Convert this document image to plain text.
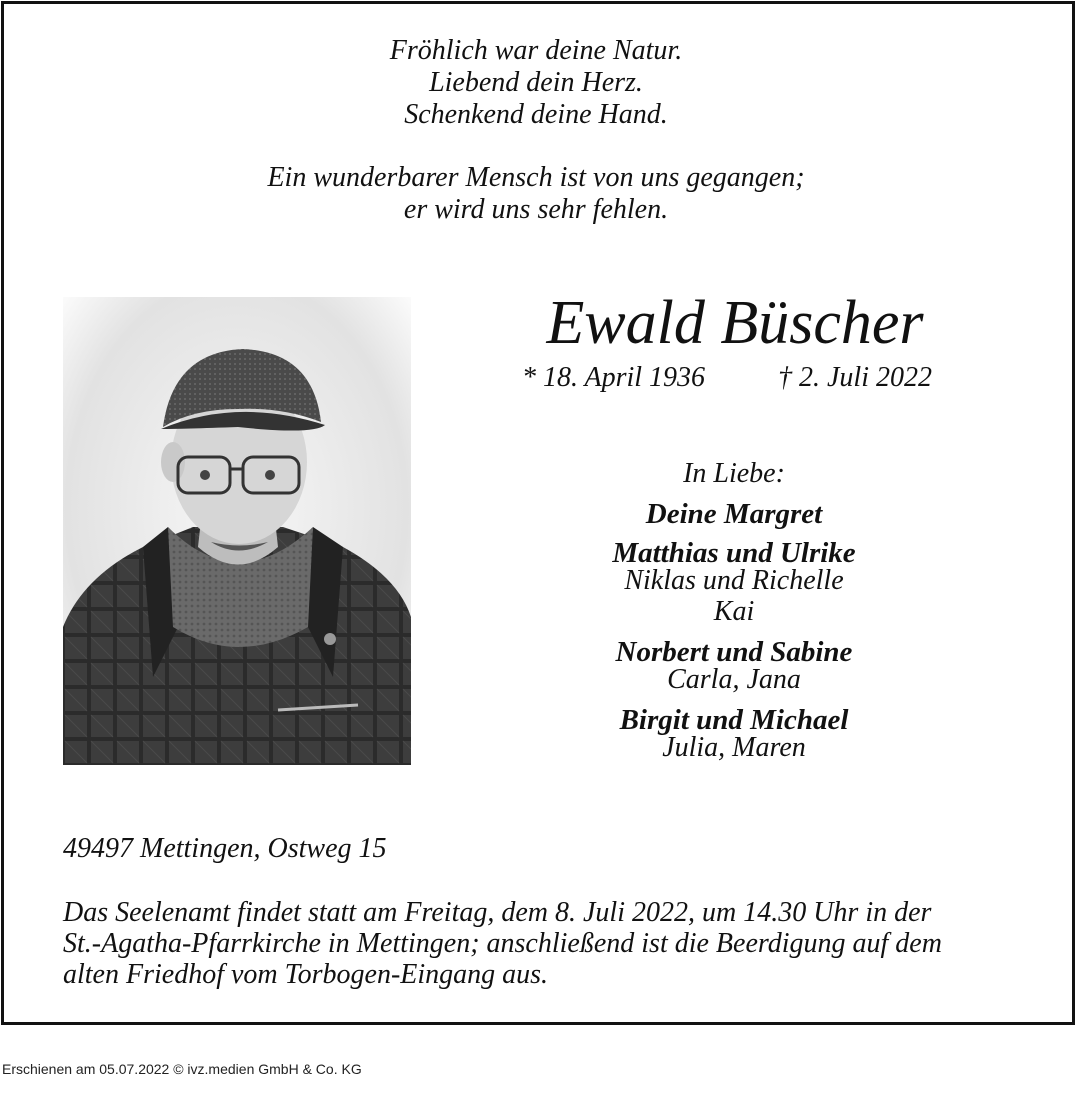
Fröhlich war deine Natur.
Liebend dein Herz.
Schenkend deine Hand.
Ein wunderbarer Mensch ist von uns gegangen;
er wird uns sehr fehlen.
Ewald Büscher
* 18. April 1936	† 2. Juli 2022
In Liebe:
Deine Margret
Matthias und Ulrike
Niklas und Richelle
Kai
Norbert und Sabine
Carla, Jana
Birgit und Michael
Julia, Maren
49497 Mettingen, Ostweg 15
Das Seelenamt findet statt am Freitag, dem 8. Juli 2022, um 14.30 Uhr in der
St.-Agatha-Pfarrkirche in Mettingen; anschließend ist die Beerdigung auf dem
alten Friedhof vom Torbogen-Eingang aus.
Erschienen am 05.07.2022 © ivz.medien GmbH & Co. KG
